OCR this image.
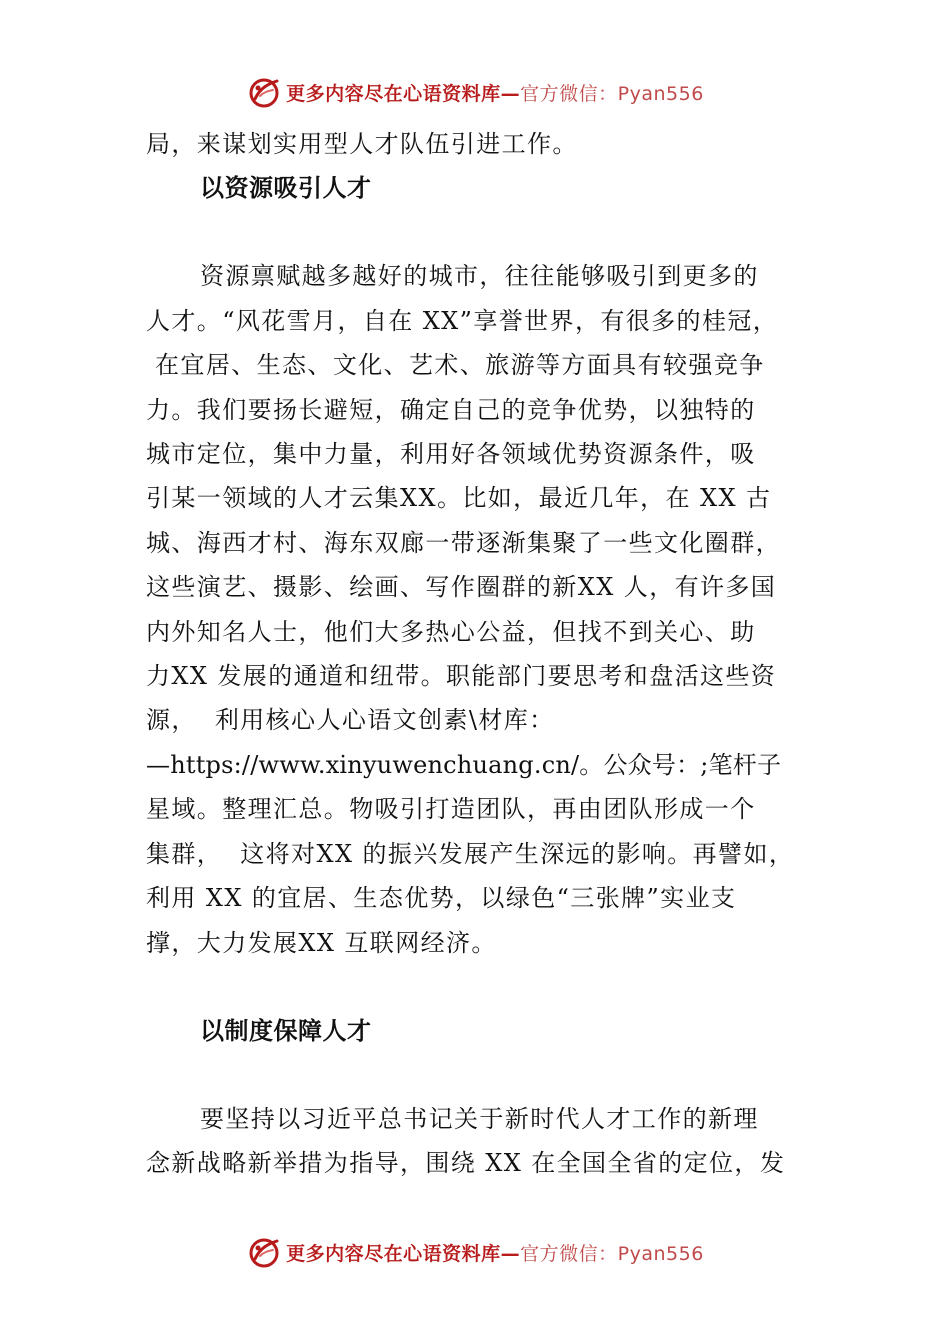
更多内容尽在心语资料库— 官方微信：Pyan556
局，来谋划实用型人才队伍引进工作。
以资源吸引人才
资源禀赋越多越好的城市，往往能够吸引到更多的
人才。“风花雪月，自在 XX”享誉世界，有很多的桂冠，
在宜居、生态、文化、艺术、旅游等方面具有较强竞争
力。我们要扬长避短，确定自己的竞争优势，以独特的
城市定位，集中力量，利用好各领域优势资源条件，吸
引某一领域的人才云集XX。比如，最近几年，在 XX 古
城、海西才村、海东双廊一带逐渐集聚了一些文化圈群，
这些演艺、摄影、绘画、写作圈群的新XX 人，有许多国
内外知名人士，他们大多热心公益，但找不到关心、助
力XX 发展的通道和纽带。职能部门要思考和盘活这些资
源，  利用核心人心语文创素\材库：
—https://www.xinyuwenchuang.cn/。公众号：;笔杆子
星域。整理汇总。物吸引打造团队，再由团队形成一个
集群，  这将对XX 的振兴发展产生深远的影响。再譬如，
利用 XX 的宜居、生态优势，以绿色“三张牌”实业支
撑，大力发展XX 互联网经济。
以制度保障人才
要坚持以习近平总书记关于新时代人才工作的新理
念新战略新举措为指导，围绕 XX 在全国全省的定位，发
更多内容尽在心语资料库— 官方微信：Pyan556
